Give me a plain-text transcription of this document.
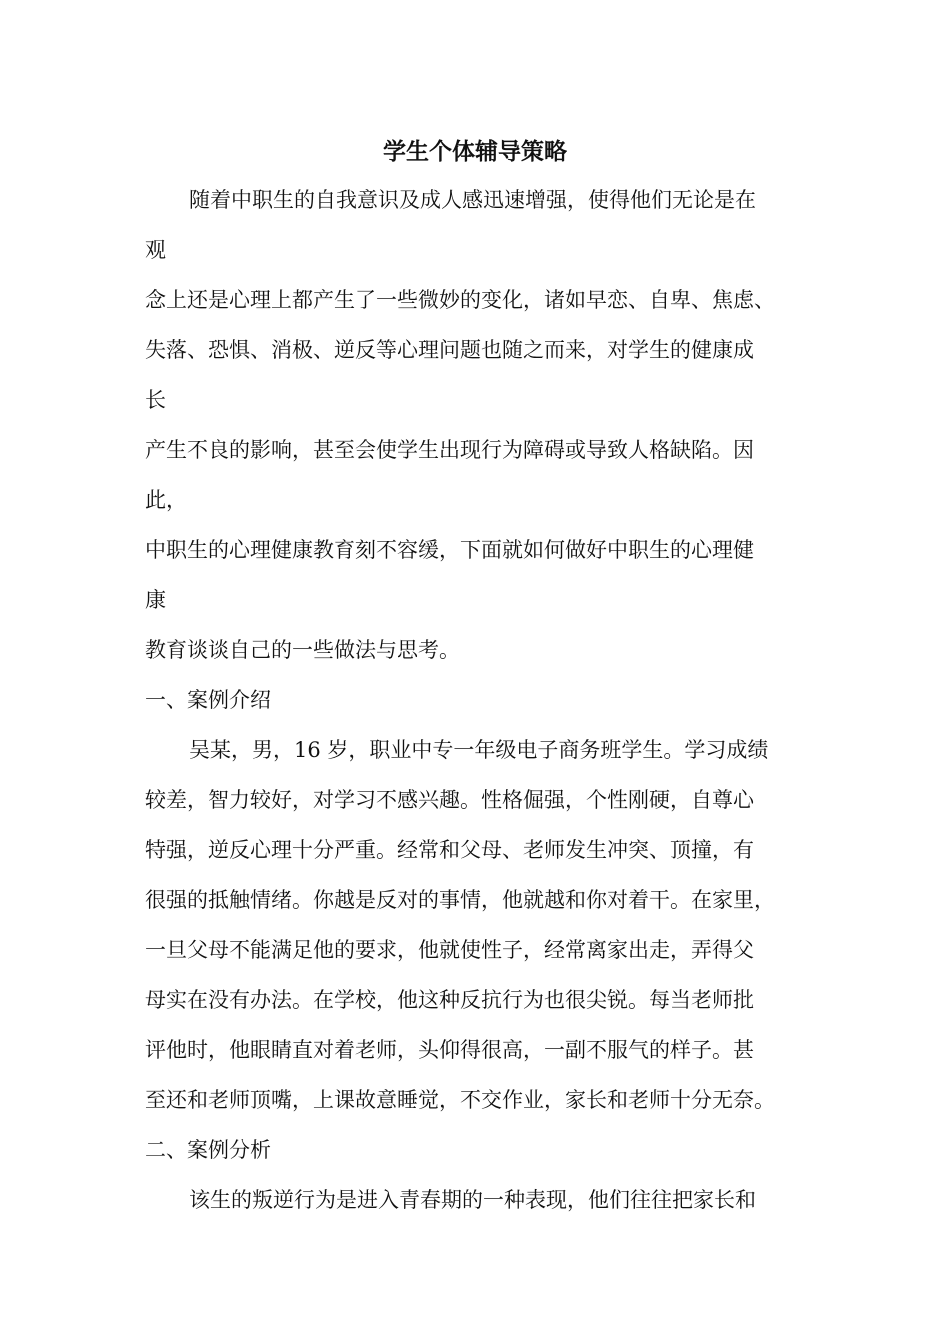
学生个体辅导策略
随着中职生的自我意识及成人感迅速增强，使得他们无论是在
观
念上还是心理上都产生了一些微妙的变化，诸如早恋、自卑、焦虑、
失落、恐惧、消极、逆反等心理问题也随之而来，对学生的健康成
长
产生不良的影响，甚至会使学生出现行为障碍或导致人格缺陷。因
此，
中职生的心理健康教育刻不容缓，下面就如何做好中职生的心理健
康
教育谈谈自己的一些做法与思考。
一、案例介绍
吴某，男，16 岁，职业中专一年级电子商务班学生。学习成绩
较差，智力较好，对学习不感兴趣。性格倔强，个性刚硬，自尊心
特强，逆反心理十分严重。经常和父母、老师发生冲突、顶撞，有
很强的抵触情绪。你越是反对的事情，他就越和你对着干。在家里，
一旦父母不能满足他的要求，他就使性子，经常离家出走，弄得父
母实在没有办法。在学校，他这种反抗行为也很尖锐。每当老师批
评他时，他眼睛直对着老师，头仰得很高，一副不服气的样子。甚
至还和老师顶嘴，上课故意睡觉，不交作业，家长和老师十分无奈。
二、案例分析
该生的叛逆行为是进入青春期的一种表现，他们往往把家长和
